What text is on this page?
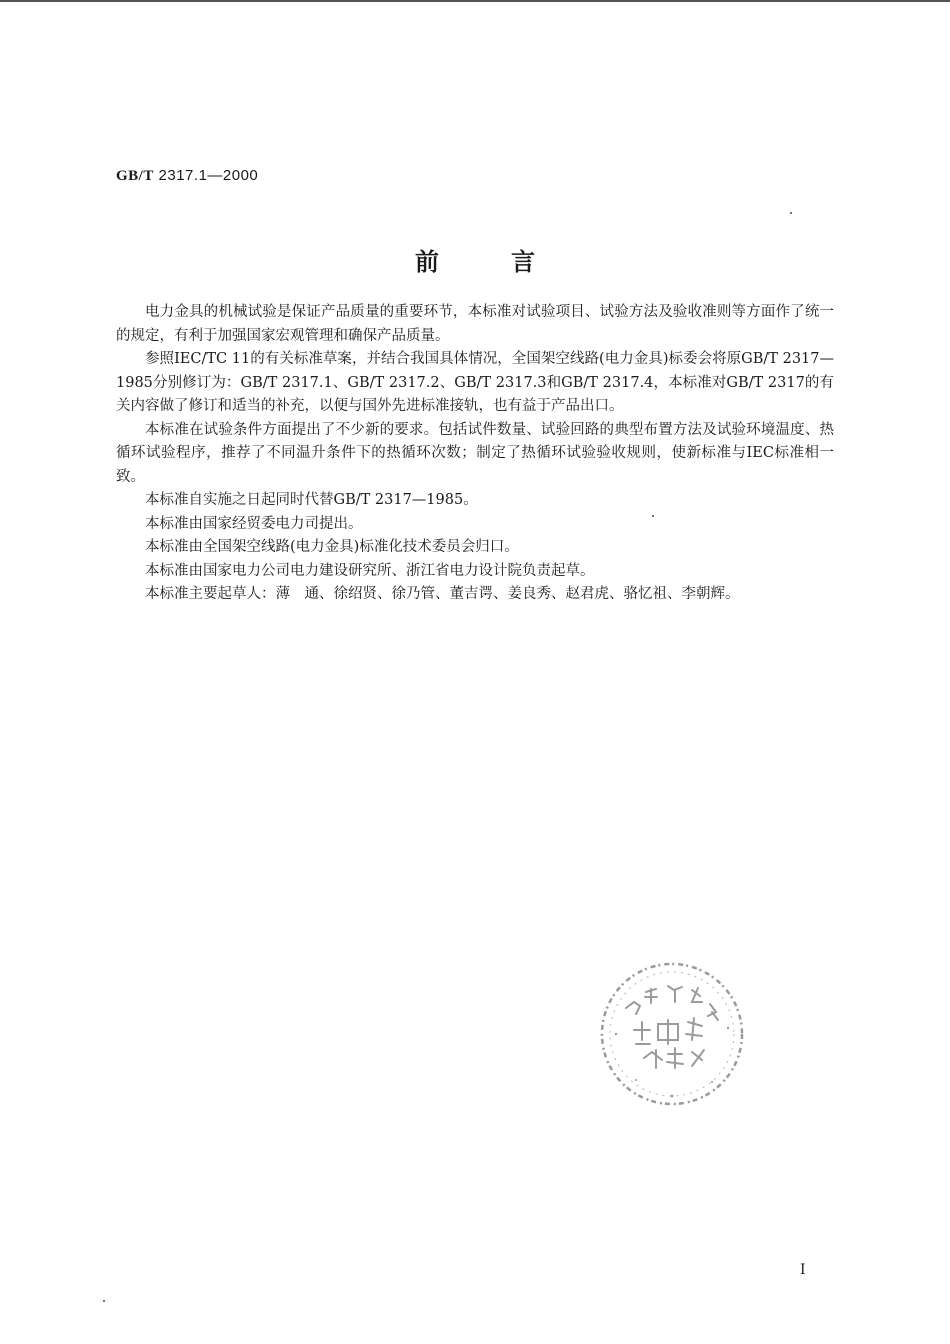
GB/T 2317.1—2000
前言

电力金具的机械试验是保证产品质量的重要环节，本标准对试验项目、试验方法及验收准则等方面作了统一的规定，有利于加强国家宏观管理和确保产品质量。

参照IEC/TC 11的有关标准草案，并结合我国具体情况，全国架空线路(电力金具)标委会将原GB/T 2317—1985分别修订为：GB/T 2317.1、GB/T 2317.2、GB/T 2317.3和GB/T 2317.4，本标准对GB/T 2317的有关内容做了修订和适当的补充，以便与国外先进标准接轨，也有益于产品出口。

本标准在试验条件方面提出了不少新的要求。包括试件数量、试验回路的典型布置方法及试验环境温度、热循环试验程序，推荐了不同温升条件下的热循环次数；制定了热循环试验验收规则，使新标准与IEC标准相一致。

本标准自实施之日起同时代替GB/T 2317—1985。

本标准由国家经贸委电力司提出。

本标准由全国架空线路(电力金具)标准化技术委员会归口。

本标准由国家电力公司电力建设研究所、浙江省电力设计院负责起草。

本标准主要起草人：薄　通、徐绍贤、徐乃管、董吉谔、姜良秀、赵君虎、骆忆祖、李朝辉。

I
